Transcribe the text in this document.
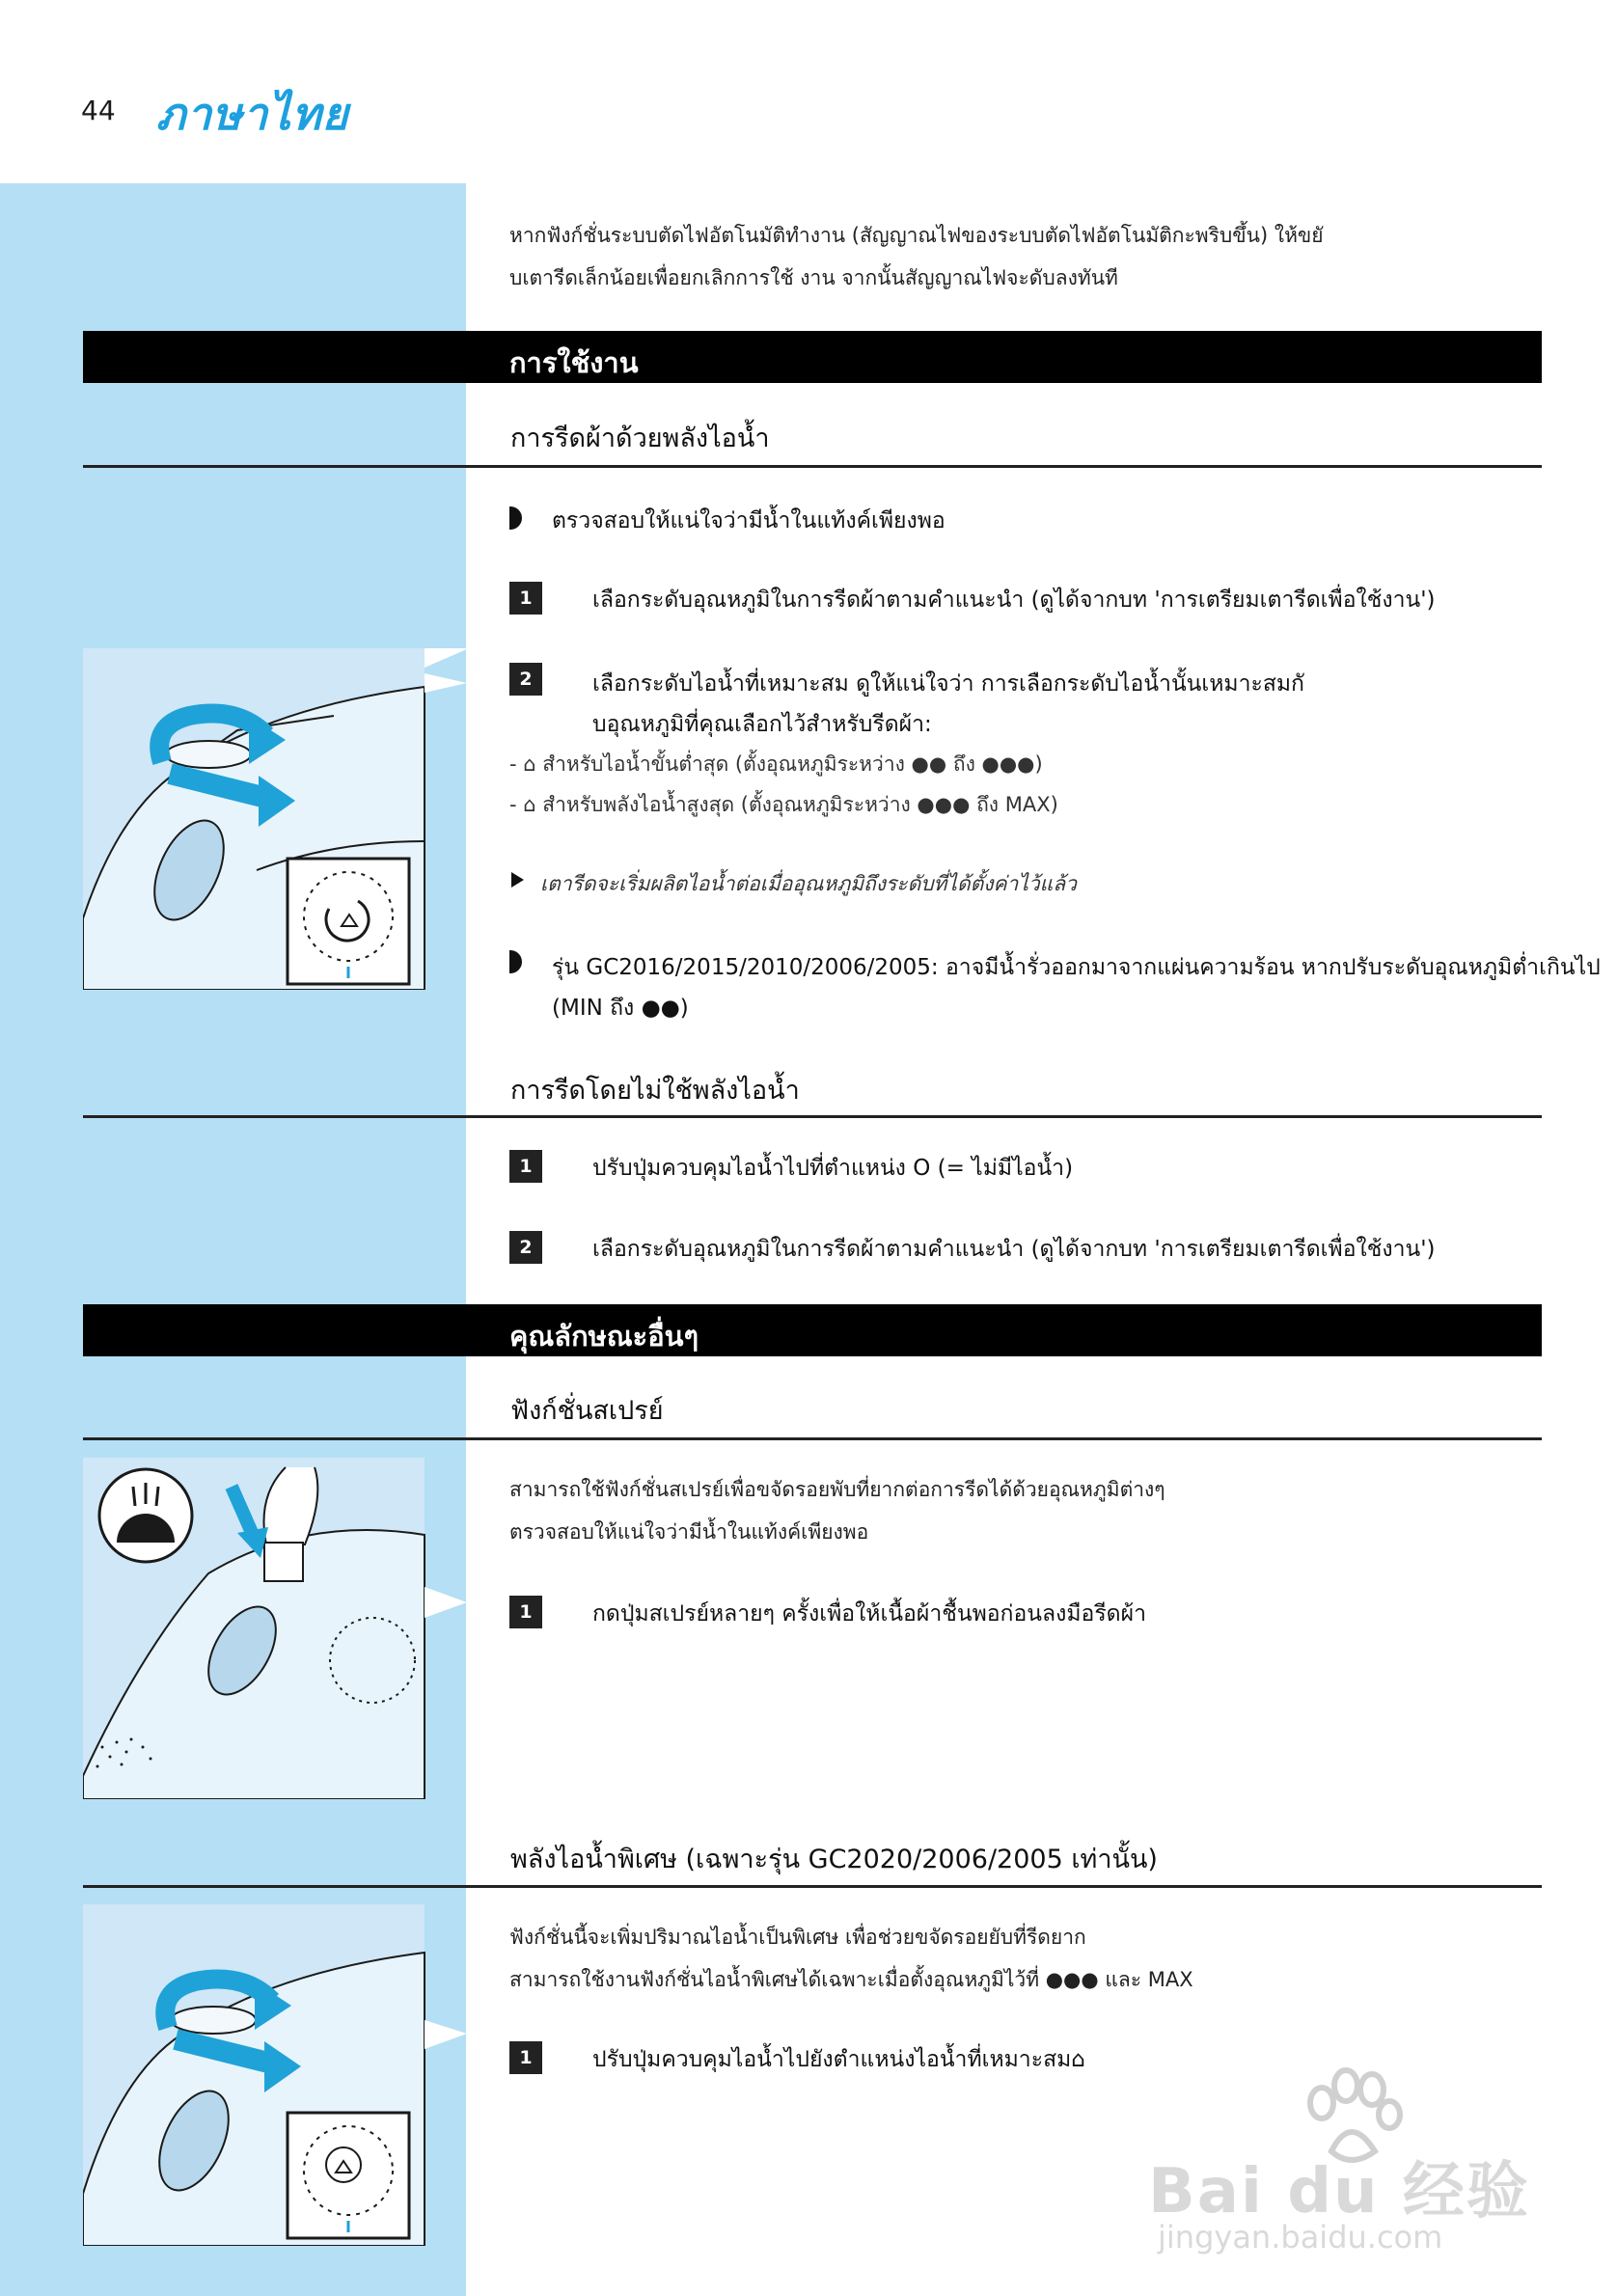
44 ภาษาไทย
หากฟังก์ชั่นระบบตัดไฟอัตโนมัติทำงาน (สัญญาณไฟของระบบตัดไฟอัตโนมัติกะพริบขึ้น) ให้ขยั
บเตารีดเล็กน้อยเพื่อยกเลิกการใช้ งาน จากนั้นสัญญาณไฟจะดับลงทันที
การใช้งาน
การรีดผ้าด้วยพลังไอน้ำ
ตรวจสอบให้แน่ใจว่ามีน้ำในแท้งค์เพียงพอ
1	เลือกระดับอุณหภูมิในการรีดผ้าตามคำแนะนำ (ดูได้จากบท 'การเตรียมเตารีดเพื่อใช้งาน')
2	เลือกระดับไอน้ำที่เหมาะสม ดูให้แน่ใจว่า การเลือกระดับไอน้ำนั้นเหมาะสมกั
บอุณหภูมิที่คุณเลือกไว้สำหรับรีดผ้า:
- ⌂ สำหรับไอน้ำขั้นต่ำสุด (ตั้งอุณหภูมิระหว่าง ●● ถึง ●●●)
- ⌂ สำหรับพลังไอน้ำสูงสุด (ตั้งอุณหภูมิระหว่าง ●●● ถึง MAX)
เตารีดจะเริ่มผลิตไอน้ำต่อเมื่ออุณหภูมิถึงระดับที่ได้ตั้งค่าไว้แล้ว
รุ่น GC2016/2015/2010/2006/2005: อาจมีน้ำรั่วออกมาจากแผ่นความร้อน หากปรับระดับอุณหภูมิต่ำเกินไป
(MIN ถึง ●●)
การรีดโดยไม่ใช้พลังไอน้ำ
1	ปรับปุ่มควบคุมไอน้ำไปที่ตำแหน่ง O (= ไม่มีไอน้ำ)
2	เลือกระดับอุณหภูมิในการรีดผ้าตามคำแนะนำ (ดูได้จากบท 'การเตรียมเตารีดเพื่อใช้งาน')
คุณลักษณะอื่นๆ
ฟังก์ชั่นสเปรย์
สามารถใช้ฟังก์ชั่นสเปรย์เพื่อขจัดรอยพับที่ยากต่อการรีดได้ด้วยอุณหภูมิต่างๆ
ตรวจสอบให้แน่ใจว่ามีน้ำในแท้งค์เพียงพอ
1	กดปุ่มสเปรย์หลายๆ ครั้งเพื่อให้เนื้อผ้าชื้นพอก่อนลงมือรีดผ้า
พลังไอน้ำพิเศษ (เฉพาะรุ่น GC2020/2006/2005 เท่านั้น)
ฟังก์ชั่นนี้จะเพิ่มปริมาณไอน้ำเป็นพิเศษ เพื่อช่วยขจัดรอยยับที่รีดยาก
สามารถใช้งานฟังก์ชั่นไอน้ำพิเศษได้เฉพาะเมื่อตั้งอุณหภูมิไว้ที่ ●●● และ MAX
1	ปรับปุ่มควบคุมไอน้ำไปยังตำแหน่งไอน้ำที่เหมาะสม⌂
Bai du 经验
jingyan.baidu.com
